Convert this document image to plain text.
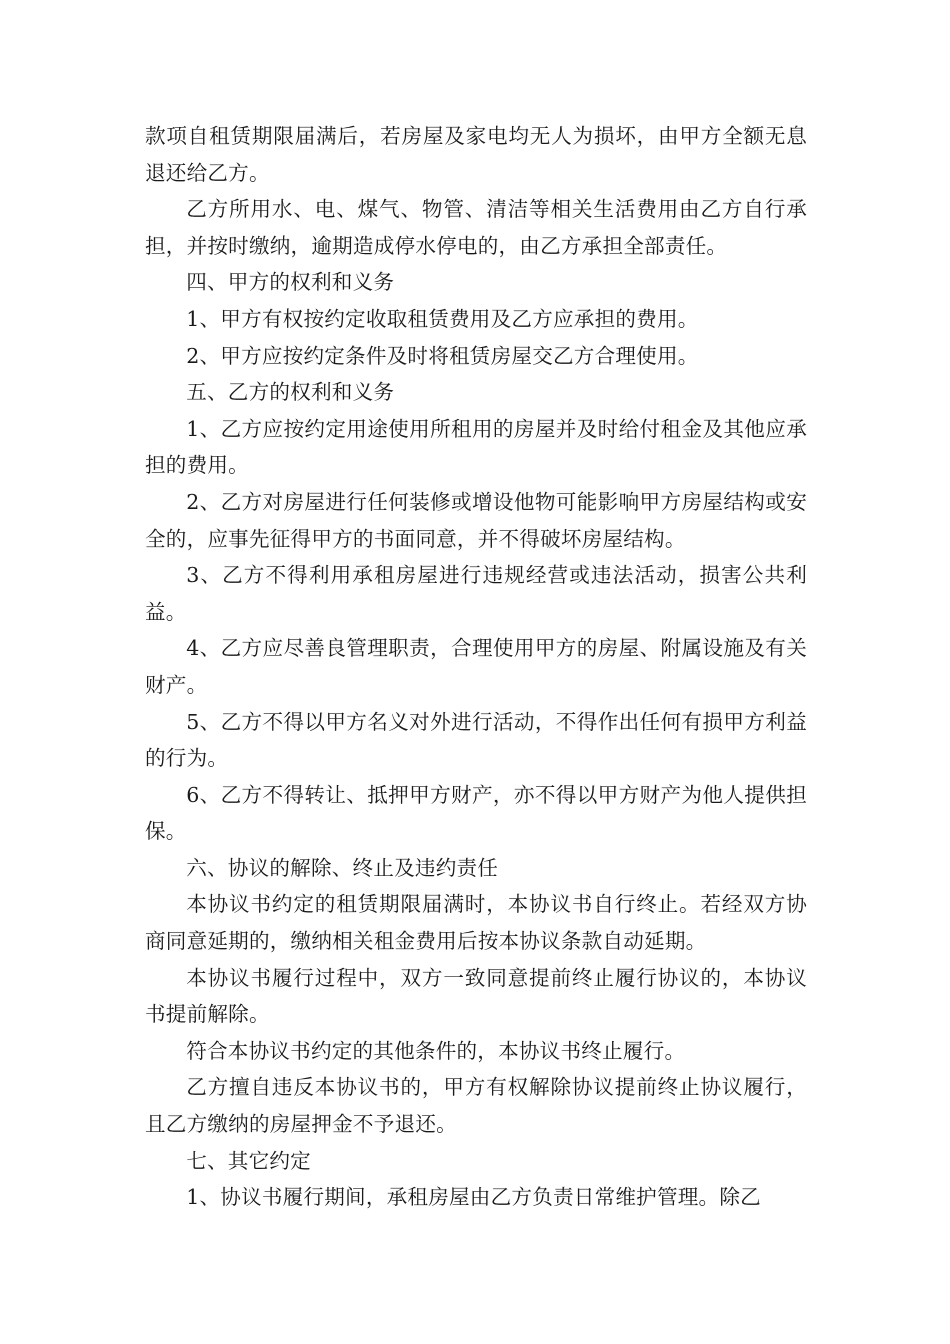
款项自租赁期限届满后，若房屋及家电均无人为损坏，由甲方全额无息退还给乙方。

乙方所用水、电、煤气、物管、清洁等相关生活费用由乙方自行承担，并按时缴纳，逾期造成停水停电的，由乙方承担全部责任。

四、甲方的权利和义务

1、甲方有权按约定收取租赁费用及乙方应承担的费用。

2、甲方应按约定条件及时将租赁房屋交乙方合理使用。

五、乙方的权利和义务

1、乙方应按约定用途使用所租用的房屋并及时给付租金及其他应承担的费用。

2、乙方对房屋进行任何装修或增设他物可能影响甲方房屋结构或安全的，应事先征得甲方的书面同意，并不得破坏房屋结构。

3、乙方不得利用承租房屋进行违规经营或违法活动，损害公共利益。

4、乙方应尽善良管理职责，合理使用甲方的房屋、附属设施及有关财产。

5、乙方不得以甲方名义对外进行活动，不得作出任何有损甲方利益的行为。

6、乙方不得转让、抵押甲方财产，亦不得以甲方财产为他人提供担保。

六、协议的解除、终止及违约责任

本协议书约定的租赁期限届满时，本协议书自行终止。若经双方协商同意延期的，缴纳相关租金费用后按本协议条款自动延期。

本协议书履行过程中，双方一致同意提前终止履行协议的，本协议书提前解除。

符合本协议书约定的其他条件的，本协议书终止履行。

乙方擅自违反本协议书的，甲方有权解除协议提前终止协议履行，且乙方缴纳的房屋押金不予退还。

七、其它约定

1、协议书履行期间，承租房屋由乙方负责日常维护管理。除乙
